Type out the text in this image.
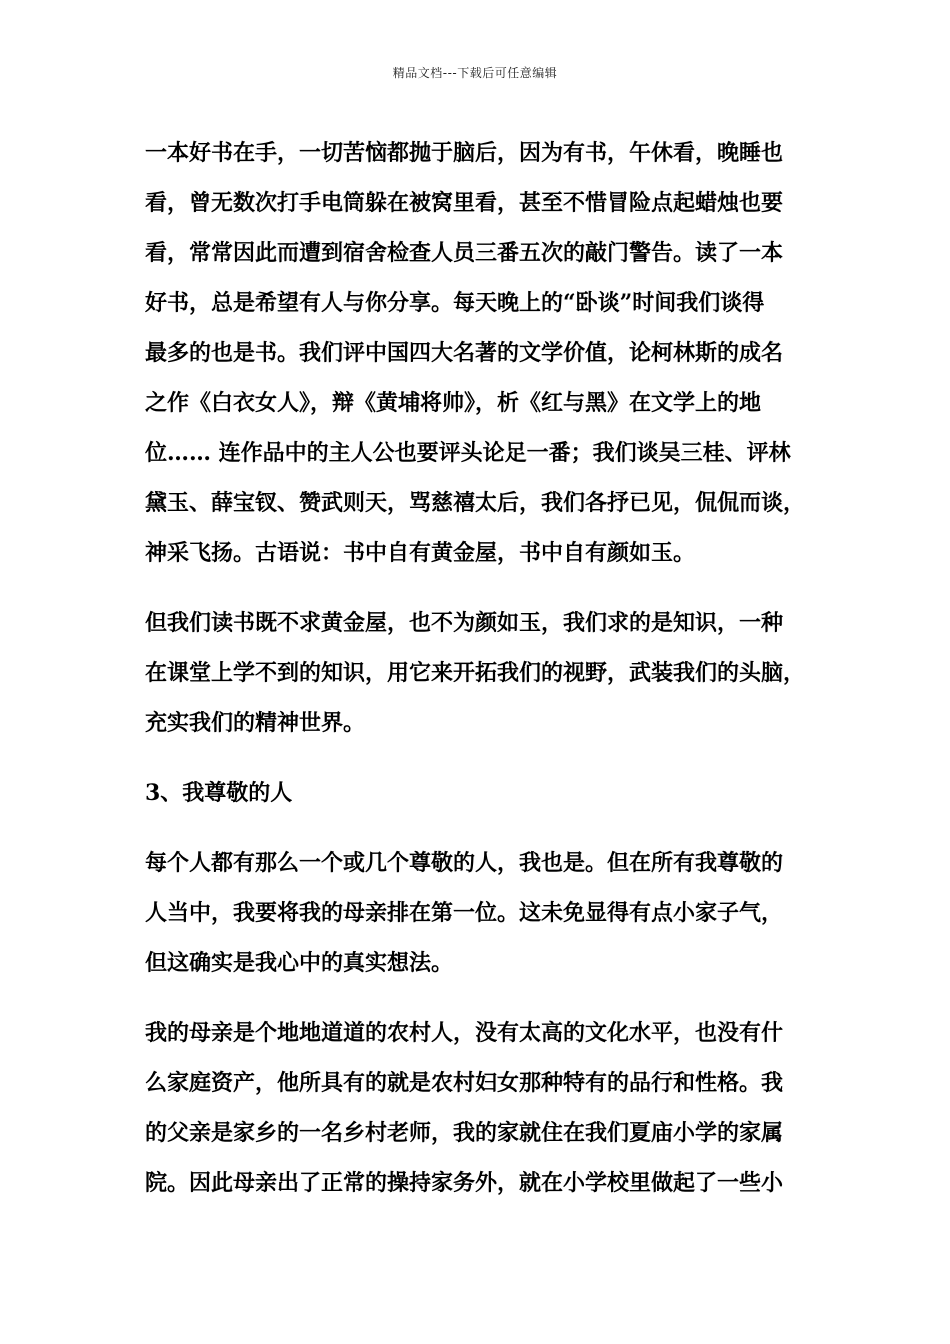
精品文档---下载后可任意编辑
一本好书在手，一切苦恼都抛于脑后，因为有书，午休看，晚睡也
看，曾无数次打手电筒躲在被窝里看，甚至不惜冒险点起蜡烛也要
看，常常因此而遭到宿舍检查人员三番五次的敲门警告。读了一本
好书，总是希望有人与你分享。每天晚上的“卧谈”时间我们谈得
最多的也是书。我们评中国四大名著的文学价值，论柯林斯的成名
之作《白衣女人》，辩《黄埔将帅》，析《红与黑》在文学上的地
位…… 连作品中的主人公也要评头论足一番；我们谈吴三桂、评林
黛玉、薛宝钗、赞武则天，骂慈禧太后，我们各抒已见，侃侃而谈，
神采飞扬。古语说：书中自有黄金屋，书中自有颜如玉。
但我们读书既不求黄金屋，也不为颜如玉，我们求的是知识，一种
在课堂上学不到的知识，用它来开拓我们的视野，武装我们的头脑，
充实我们的精神世界。
3、我尊敬的人
每个人都有那么一个或几个尊敬的人，我也是。但在所有我尊敬的
人当中，我要将我的母亲排在第一位。这未免显得有点小家子气，
但这确实是我心中的真实想法。
我的母亲是个地地道道的农村人，没有太高的文化水平，也没有什
么家庭资产，他所具有的就是农村妇女那种特有的品行和性格。我
的父亲是家乡的一名乡村老师，我的家就住在我们夏庙小学的家属
院。因此母亲出了正常的操持家务外，就在小学校里做起了一些小
